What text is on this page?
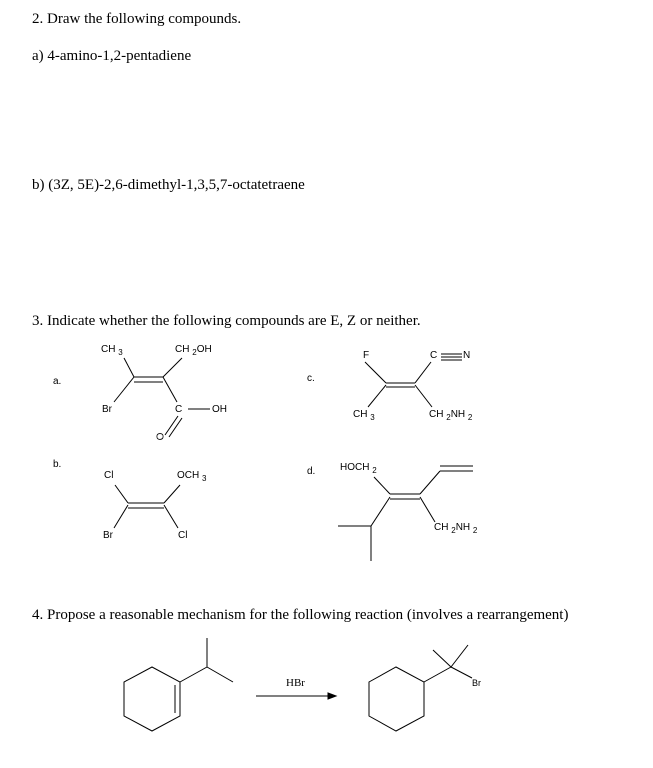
2. Draw the following compounds.
a) 4-amino-1,2-pentadiene
b) (3Z, 5E)-2,6-dimethyl-1,3,5,7-octatetraene
3. Indicate whether the following compounds are E, Z or neither.
a.
CH $_3$	CH $_2$OH
Br	C	OH
O
b.
Cl	OCH $_3$
Br	Cl
c.
F	C	N
CH $_3$	CH $_2$NH $_2$
d. HOCH $_2$
CH $_2$NH $_2$
4. Propose a reasonable mechanism for the following reaction (involves a rearrangement)
HBr	Br
